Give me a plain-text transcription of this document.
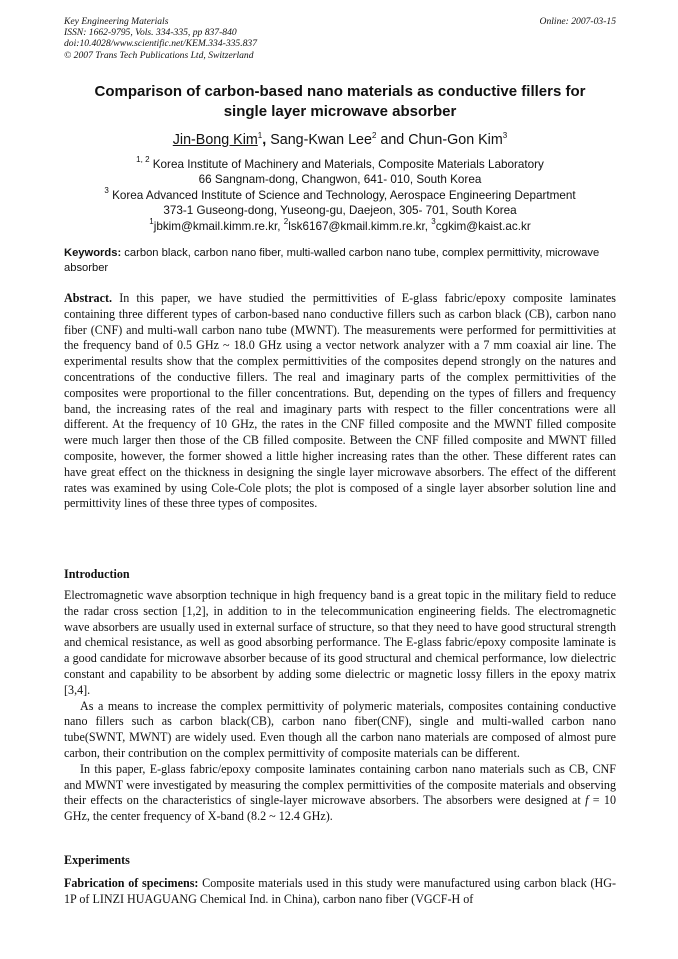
Key Engineering Materials
ISSN: 1662-9795, Vols. 334-335, pp 837-840
doi:10.4028/www.scientific.net/KEM.334-335.837
© 2007 Trans Tech Publications Ltd, Switzerland
Online: 2007-03-15
Comparison of carbon-based nano materials as conductive fillers for
single layer microwave absorber
Jin-Bong Kim$^1$, Sang-Kwan Lee$^2$ and Chun-Gon Kim$^3$
$^{1, 2}$ Korea Institute of Machinery and Materials, Composite Materials Laboratory
66 Sangnam-dong, Changwon, 641- 010, South Korea
$^3$ Korea Advanced Institute of Science and Technology, Aerospace Engineering Department
373-1 Guseong-dong, Yuseong-gu, Daejeon, 305- 701, South Korea
$^1$jbkim@kmail.kimm.re.kr, $^2$lsk6167@kmail.kimm.re.kr, $^3$cgkim@kaist.ac.kr
Keywords: carbon black, carbon nano fiber, multi-walled carbon nano tube, complex permittivity, microwave absorber

Abstract. In this paper, we have studied the permittivities of E-glass fabric/epoxy composite laminates containing three different types of carbon-based nano conductive fillers such as carbon black (CB), carbon nano fiber (CNF) and multi-wall carbon nano tube (MWNT). The measurements were performed for permittivities at the frequency band of 0.5 GHz ~ 18.0 GHz using a vector network analyzer with a 7 mm coaxial air line. The experimental results show that the complex permittivities of the composites depend strongly on the natures and concentrations of the conductive fillers. The real and imaginary parts of the complex permittivities of the composites were proportional to the filler concentrations. But, depending on the types of fillers and frequency band, the increasing rates of the real and imaginary parts with respect to the filler concentrations were all different. At the frequency of 10 GHz, the rates in the CNF filled composite and the MWNT filled composite were much larger then those of the CB filled composite. Between the CNF filled composite and MWNT filled composite, however, the former showed a little higher increasing rates than the other. These different rates can have great effect on the thickness in designing the single layer microwave absorbers. The effect of the different rates was examined by using Cole-Cole plots; the plot is composed of a single layer absorber solution line and permittivity lines of these three types of composites.

Introduction

Electromagnetic wave absorption technique in high frequency band is a great topic in the military field to reduce the radar cross section [1,2], in addition to in the telecommunication engineering fields. The electromagnetic wave absorbers are usually used in external surface of structure, so that they need to have good structural strength and chemical resistance, as well as good absorbing performance. The E-glass fabric/epoxy composite laminate is a good candidate for microwave absorber because of its good structural and chemical performance, low dielectric constant and capability to be absorbent by adding some dielectric or magnetic lossy fillers in the epoxy matrix [3,4].

As a means to increase the complex permittivity of polymeric materials, composites containing conductive nano fillers such as carbon black(CB), carbon nano fiber(CNF), single and multi-walled carbon nano tube(SWNT, MWNT) are widely used. Even though all the carbon nano materials are composed of almost pure carbon, their contribution on the complex permittivity of composite materials can be different.

In this paper, E-glass fabric/epoxy composite laminates containing carbon nano materials such as CB, CNF and MWNT were investigated by measuring the complex permittivities of the composite materials and observing their effects on the characteristics of single-layer microwave absorbers. The absorbers were designed at f = 10 GHz, the center frequency of X-band (8.2 ~ 12.4 GHz).

Experiments

Fabrication of specimens: Composite materials used in this study were manufactured using carbon black (HG-1P of LINZI HUAGUANG Chemical Ind. in China), carbon nano fiber (VGCF-H of
